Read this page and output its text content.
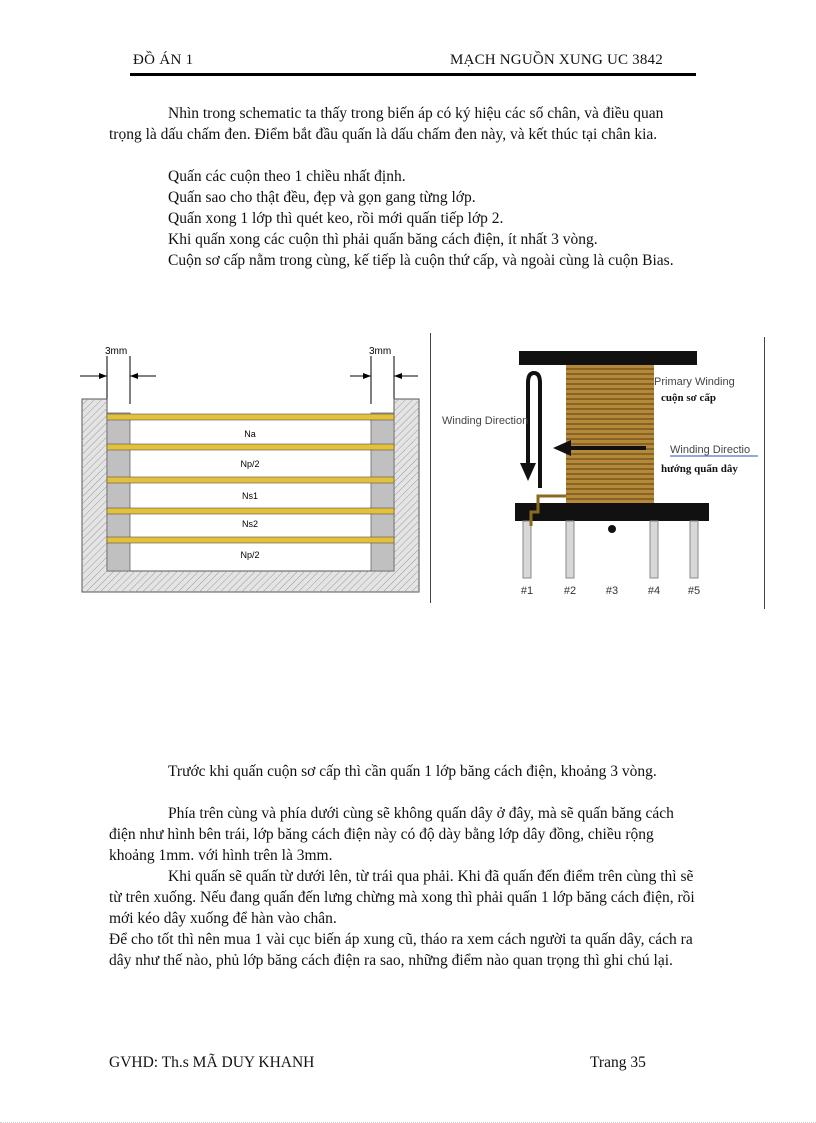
ĐỒ ÁN 1	MẠCH NGUỒN XUNG UC 3842

Nhìn trong schematic ta thấy trong biến áp có ký hiệu các số chân, và điều quan trọng là dấu chấm đen. Điểm bắt đầu quấn là dấu chấm đen này, và kết thúc tại chân kia.

Quấn các cuộn theo 1 chiều nhất định.
Quấn sao cho thật đều, đẹp và gọn gang từng lớp.
Quấn xong 1 lớp thì quét keo, rồi mới quấn tiếp lớp 2.
Khi quấn xong các cuộn thì phải quấn băng cách điện, ít nhất 3 vòng.

Cuộn sơ cấp nằm trong cùng, kế tiếp là cuộn thứ cấp, và ngoài cùng là cuộn Bias.

3mm	3mm
Na
Np/2
Ns1
Ns2
Np/2
Winding Direction
Primary Winding
cuộn sơ cấp
Winding Directio
hướng quấn dây
#1	#2	#3	#4	#5

Trước khi quấn cuộn sơ cấp thì cần quấn 1 lớp băng cách điện, khoảng 3 vòng.

Phía trên cùng và phía dưới cùng sẽ không quấn dây ở đây, mà sẽ quấn băng cách điện như hình bên trái, lớp băng cách điện này có độ dày bằng lớp dây đồng, chiều rộng khoảng 1mm. với hình trên là 3mm.

Khi quấn sẽ quấn từ dưới lên, từ trái qua phải. Khi đã quấn đến điểm trên cùng thì sẽ từ trên xuống. Nếu đang quấn đến lưng chừng mà xong thì phải quấn 1 lớp băng cách điện, rồi mới kéo dây xuống để hàn vào chân.

Để cho tốt thì nên mua 1 vài cục biến áp xung cũ, tháo ra xem cách người ta quấn dây, cách ra dây như thế nào, phủ lớp băng cách điện ra sao, những điểm nào quan trọng thì ghi chú lại.

GVHD: Th.s MÃ DUY KHANH	Trang 35
